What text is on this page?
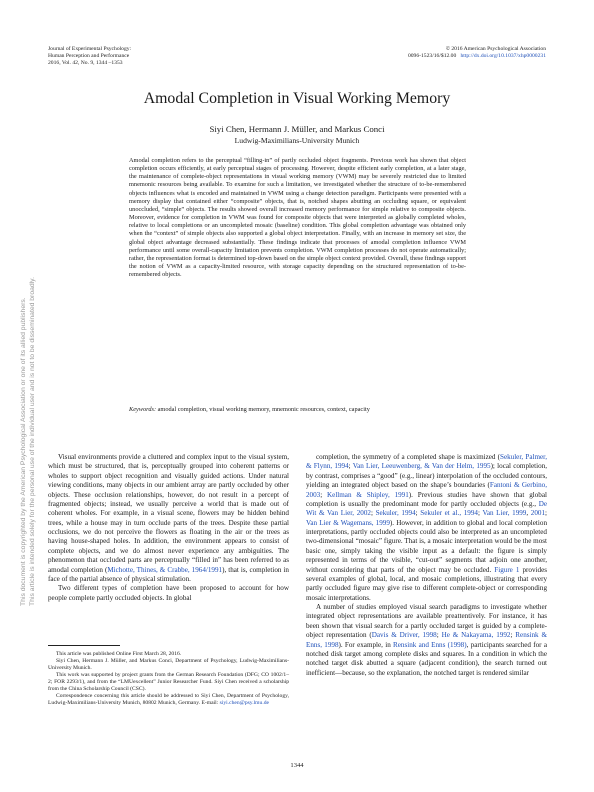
Journal of Experimental Psychology:
Human Perception and Performance
2016, Vol. 42, No. 9, 1344 –1353
© 2016 American Psychological Association
0096-1523/16/$12.00 http://dx.doi.org/10.1037/xhp0000231
This document is copyrighted by the American Psychological Association or one of its allied publishers. This article is intended solely for the personal use of the individual user and is not to be disseminated broadly.
Amodal Completion in Visual Working Memory
Siyi Chen, Hermann J. Müller, and Markus Conci
Ludwig-Maximilians-University Munich
Amodal completion refers to the perceptual “filling-in” of partly occluded object fragments. Previous work has shown that object completion occurs efficiently, at early perceptual stages of processing. However, despite efficient early completion, at a later stage, the maintenance of complete-object representations in visual working memory (VWM) may be severely restricted due to limited mnemonic resources being available. To examine for such a limitation, we investigated whether the structure of to-be-remembered objects influences what is encoded and maintained in VWM using a change detection paradigm. Participants were presented with a memory display that contained either “composite” objects, that is, notched shapes abutting an occluding square, or equivalent unoccluded, “simple” objects. The results showed overall increased memory performance for simple relative to composite objects. Moreover, evidence for completion in VWM was found for composite objects that were interpreted as globally completed wholes, relative to local completions or an uncompleted mosaic (baseline) condition. This global completion advantage was obtained only when the “context” of simple objects also supported a global object interpretation. Finally, with an increase in memory set size, the global object advantage decreased substantially. These findings indicate that processes of amodal completion influence VWM performance until some overall-capacity limitation prevents completion. VWM completion processes do not operate automatically; rather, the representation format is determined top-down based on the simple object context provided. Overall, these findings support the notion of VWM as a capacity-limited resource, with storage capacity depending on the structured representation of to-be-remembered objects.
Keywords: amodal completion, visual working memory, mnemonic resources, context, capacity

Visual environments provide a cluttered and complex input to the visual system, which must be structured, that is, perceptually grouped into coherent patterns or wholes to support object recognition and visually guided actions. Under natural viewing conditions, many objects in our ambient array are partly occluded by other objects. These occlusion relationships, however, do not result in a percept of fragmented objects; instead, we usually perceive a world that is made out of coherent wholes. For example, in a visual scene, flowers may be hidden behind trees, while a house may in turn occlude parts of the trees. Despite these partial occlusions, we do not perceive the flowers as floating in the air or the trees as having house-shaped holes. In addition, the environment appears to consist of complete objects, and we do almost never experience any ambiguities. The phenomenon that occluded parts are perceptually “filled in” has been referred to as amodal completion (Michotte, Thines, & Crabbe, 1964/1991), that is, completion in face of the partial absence of physical stimulation.

Two different types of completion have been proposed to account for how people complete partly occluded objects. In global

This article was published Online First March 28, 2016.

Siyi Chen, Hermann J. Müller, and Markus Conci, Department of Psychology, Ludwig-Maximilians-University Munich.

This work was supported by project grants from the German Research Foundation (DFG; CO 1002/1–2; FOR 2293/1), and from the “LMUexcellent” Junior Researcher Fund. Siyi Chen received a scholarship from the China Scholarship Council (CSC).

Correspondence concerning this article should be addressed to Siyi Chen, Department of Psychology, Ludwig-Maximilians-University Munich, 80802 Munich, Germany. E-mail: siyi.chen@psy.lmu.de

completion, the symmetry of a completed shape is maximized (Sekuler, Palmer, & Flynn, 1994; Van Lier, Leeuwenberg, & Van der Helm, 1995); local completion, by contrast, comprises a “good” (e.g., linear) interpolation of the occluded contours, yielding an integrated object based on the shape’s boundaries (Fantoni & Gerbino, 2003; Kellman & Shipley, 1991). Previous studies have shown that global completion is usually the predominant mode for partly occluded objects (e.g., De Wit & Van Lier, 2002; Sekuler, 1994; Sekuler et al., 1994; Van Lier, 1999, 2001; Van Lier & Wagemans, 1999). However, in addition to global and local completion interpretations, partly occluded objects could also be interpreted as an uncompleted two-dimensional “mosaic” figure. That is, a mosaic interpretation would be the most basic one, simply taking the visible input as a default: the figure is simply represented in terms of the visible, “cut-out” segments that adjoin one another, without considering that parts of the object may be occluded. Figure 1 provides several examples of global, local, and mosaic completions, illustrating that every partly occluded figure may give rise to different complete-object or corresponding mosaic interpretations.

A number of studies employed visual search paradigms to investigate whether integrated object representations are available preattentively. For instance, it has been shown that visual search for a partly occluded target is guided by a complete-object representation (Davis & Driver, 1998; He & Nakayama, 1992; Rensink & Enns, 1998). For example, in Rensink and Enns (1998), participants searched for a notched disk target among complete disks and squares. In a condition in which the notched target disk abutted a square (adjacent condition), the search turned out inefficient—because, so the explanation, the notched target is rendered similar

1344
